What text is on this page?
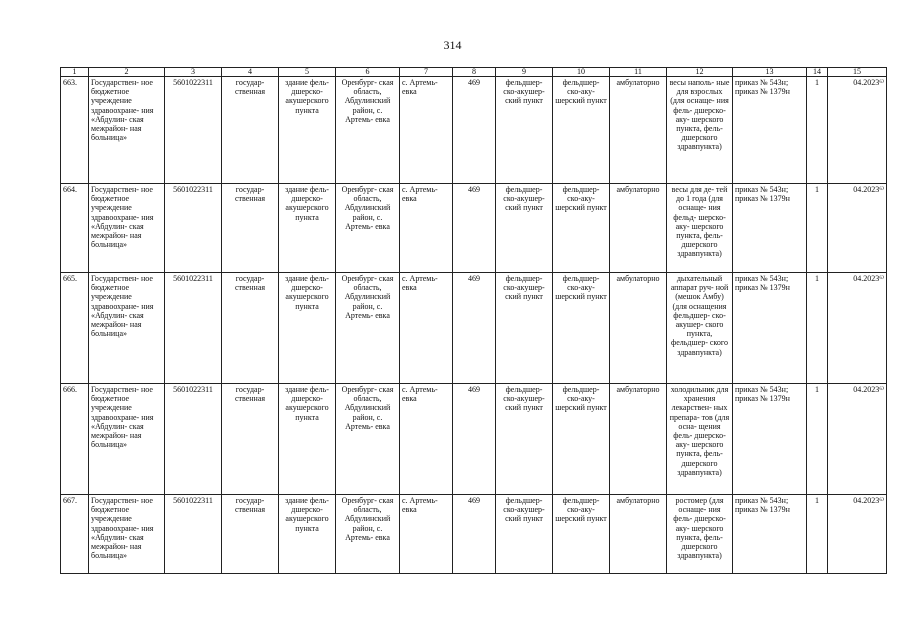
314
1	2	3	4	5	6	7	8	9	10	11	12	13	14	15
663.	Государствен- ное бюджетное учреждение здравоохране- ния «Абдулин- ская межрайон- ная больница»	5601022311	государ- ственная	здание фель- дшерско- акушерского пункта	Оренбург- ская область, Абдулинский район, с. Артемь- евка	с. Артемь- евка	469	фельдшер- ско-акушер- ский пункт	фельдшер- ско-аку- шерский пункт	амбулаторно	весы наполь- ные для взрослых (для оснаще- ния фель- дшерско-аку- шерского пункта, фель- дшерского здравпункта)	приказ № 543н; приказ № 1379н	1	04.2023⁶⁾
664.	Государствен- ное бюджетное учреждение здравоохране- ния «Абдулин- ская межрайон- ная больница»	5601022311	государ- ственная	здание фель- дшерско- акушерского пункта	Оренбург- ская область, Абдулинский район, с. Артемь- евка	с. Артемь- евка	469	фельдшер- ско-акушер- ский пункт	фельдшер- ско-аку- шерский пункт	амбулаторно	весы для де- тей до 1 года (для оснаще- ния фельд- шерско-аку- шерского пункта, фель- дшерского здравпункта)	приказ № 543н; приказ № 1379н	1	04.2023⁶⁾
665.	Государствен- ное бюджетное учреждение здравоохране- ния «Абдулин- ская межрайон- ная больница»	5601022311	государ- ственная	здание фель- дшерско- акушерского пункта	Оренбург- ская область, Абдулинский район, с. Артемь- евка	с. Артемь- евка	469	фельдшер- ско-акушер- ский пункт	фельдшер- ско-аку- шерский пункт	амбулаторно	дыхательный аппарат руч- ной (мешок Амбу) (для оснащения фельдшер- ско-акушер- ского пункта, фельдшер- ского здравпункта)	приказ № 543н; приказ № 1379н	1	04.2023⁶⁾
666.	Государствен- ное бюджетное учреждение здравоохране- ния «Абдулин- ская межрайон- ная больница»	5601022311	государ- ственная	здание фель- дшерско- акушерского пункта	Оренбург- ская область, Абдулинский район, с. Артемь- евка	с. Артемь- евка	469	фельдшер- ско-акушер- ский пункт	фельдшер- ско-аку- шерский пункт	амбулаторно	холодильник для хранения лекарствен- ных препара- тов (для осна- щения фель- дшерско-аку- шерского пункта, фель- дшерского здравпункта)	приказ № 543н; приказ № 1379н	1	04.2023⁶⁾
667.	Государствен- ное бюджетное учреждение здравоохране- ния «Абдулин- ская межрайон- ная больница»	5601022311	государ- ственная	здание фель- дшерско- акушерского пункта	Оренбург- ская область, Абдулинский район, с. Артемь- евка	с. Артемь- евка	469	фельдшер- ско-акушер- ский пункт	фельдшер- ско-аку- шерский пункт	амбулаторно	ростомер (для оснаще- ния фель- дшерско-аку- шерского пункта, фель- дшерского здравпункта)	приказ № 543н; приказ № 1379н	1	04.2023⁶⁾
